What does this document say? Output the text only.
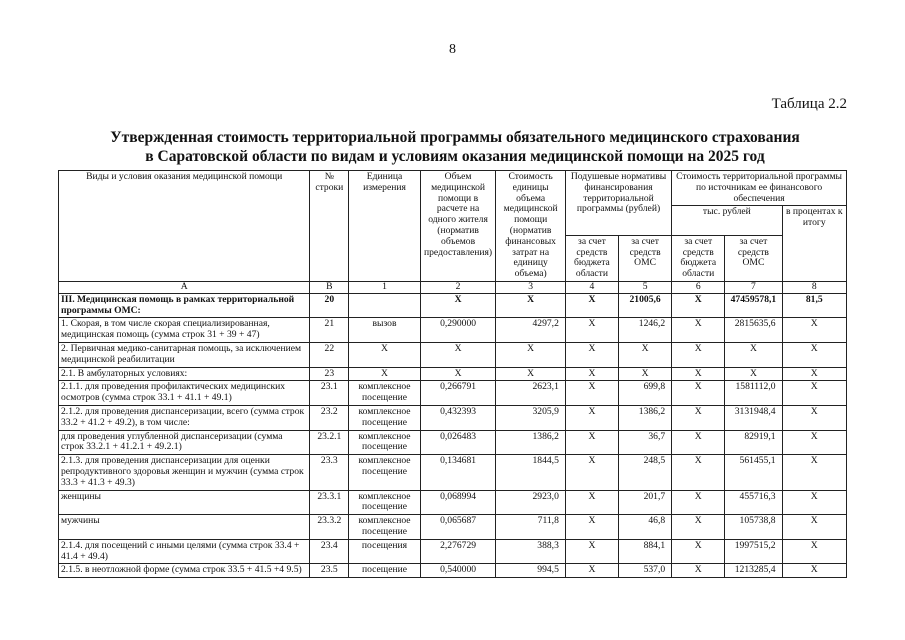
8
Таблица 2.2
Утвержденная стоимость территориальной программы обязательного медицинского страхования
в Саратовской области по видам и условиям оказания медицинской помощи на 2025 год
Виды и условия оказания медицинской помощи	№ строки	Единица измерения	Объем медицинской помощи в расчете на одного жителя (норматив объемов предоставления)	Стоимость единицы объема медицинской помощи (норматив финансовых затрат на единицу объема)	Подушевые нормативы финансирования территориальной программы (рублей)		Стоимость территориальной программы по источникам ее финансового обеспечения		
							тыс. рублей		в процентах к итогу
					за счет средств бюджета области	за счет средств ОМС	за счет средств бюджета области	за счет средств ОМС	
А	В	1	2	3	4	5	6	7	8
III. Медицинская помощь в рамках территориальной программы ОМС:	20		X	X	X	21005,6	X	47459578,1	81,5
1. Скорая, в том числе скорая специализированная, медицинская помощь (сумма строк 31 + 39 + 47)	21	вызов	0,290000	4297,2	X	1246,2	X	2815635,6	X
2. Первичная медико-санитарная помощь, за исключением медицинской реабилитации	22	X	X	X	X	X	X	X	X
2.1. В амбулаторных условиях:	23	X	X	X	X	X	X	X	X
2.1.1. для проведения профилактических медицинских осмотров (сумма строк 33.1 + 41.1 + 49.1)	23.1	комплексное посещение	0,266791	2623,1	X	699,8	X	1581112,0	X
2.1.2. для проведения диспансеризации, всего (сумма строк 33.2 + 41.2 + 49.2), в том числе:	23.2	комплексное посещение	0,432393	3205,9	X	1386,2	X	3131948,4	X
для проведения углубленной диспансеризации (сумма строк 33.2.1 + 41.2.1 + 49.2.1)	23.2.1	комплексное посещение	0,026483	1386,2	X	36,7	X	82919,1	X
2.1.3. для проведения диспансеризации для оценки репродуктивного здоровья женщин и мужчин (сумма строк 33.3 + 41.3 + 49.3)	23.3	комплексное посещение	0,134681	1844,5	X	248,5	X	561455,1	X
женщины	23.3.1	комплексное посещение	0,068994	2923,0	X	201,7	X	455716,3	X
мужчины	23.3.2	комплексное посещение	0,065687	711,8	X	46,8	X	105738,8	X
2.1.4. для посещений с иными целями (сумма строк 33.4 + 41.4 + 49.4)	23.4	посещения	2,276729	388,3	X	884,1	X	1997515,2	X
2.1.5. в неотложной форме (сумма строк 33.5 + 41.5 +4 9.5)	23.5	посещение	0,540000	994,5	X	537,0	X	1213285,4	X
